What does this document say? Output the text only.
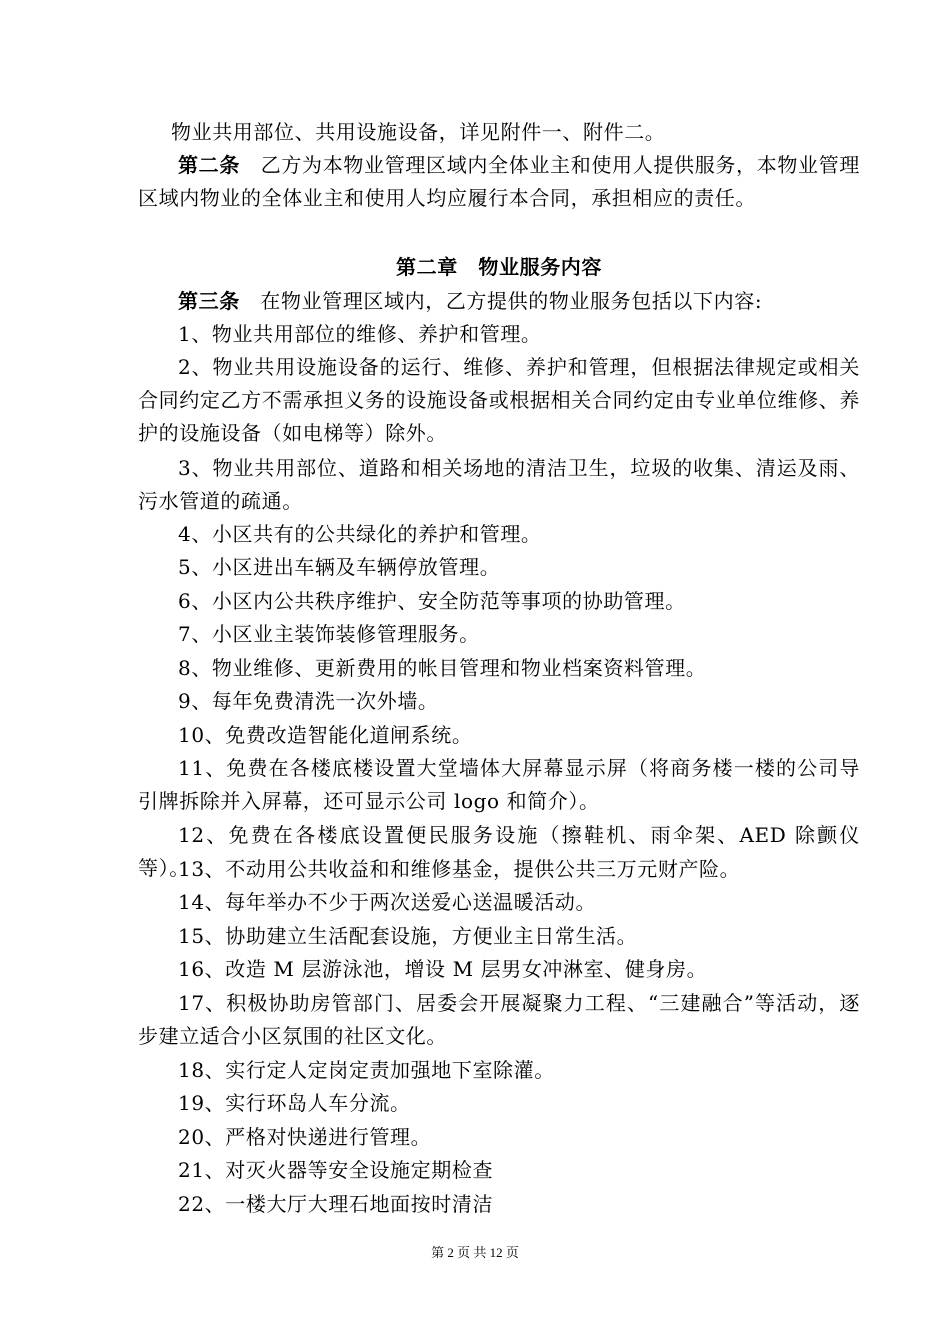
物业共用部位、共用设施设备，详见附件一、附件二。

第二条　 乙方为本物业管理区域内全体业主和使用人提供服务，本物业管理区域内物业的全体业主和使用人均应履行本合同，承担相应的责任。

第二章　物业服务内容

第三条　 在物业管理区域内，乙方提供的物业服务包括以下内容:

1、物业共用部位的维修、养护和管理。

2、物业共用设施设备的运行、维修、养护和管理，但根据法律规定或相关合同约定乙方不需承担义务的设施设备或根据相关合同约定由专业单位维修、养护的设施设备（如电梯等）除外。

3、物业共用部位、道路和相关场地的清洁卫生，垃圾的收集、清运及雨、污水管道的疏通。

4、小区共有的公共绿化的养护和管理。

5、小区进出车辆及车辆停放管理。

6、小区内公共秩序维护、安全防范等事项的协助管理。

7、小区业主装饰装修管理服务。

8、物业维修、更新费用的帐目管理和物业档案资料管理。

9、每年免费清洗一次外墙。

10、免费改造智能化道闸系统。

11、免费在各楼底楼设置大堂墙体大屏幕显示屏（将商务楼一楼的公司导引牌拆除并入屏幕，还可显示公司 logo 和简介）。

12、免费在各楼底设置便民服务设施（擦鞋机、雨伞架、AED 除颤仪等）。

13、不动用公共收益和和维修基金，提供公共三万元财产险。

14、每年举办不少于两次送爱心送温暖活动。

15、协助建立生活配套设施，方便业主日常生活。

16、改造 M 层游泳池，增设 M 层男女冲淋室、健身房。

17、积极协助房管部门、居委会开展凝聚力工程、“三建融合”等活动，逐步建立适合小区氛围的社区文化。

18、实行定人定岗定责加强地下室除灌。

19、实行环岛人车分流。

20、严格对快递进行管理。

21、对灭火器等安全设施定期检查

22、一楼大厅大理石地面按时清洁

第 2 页 共 12 页
